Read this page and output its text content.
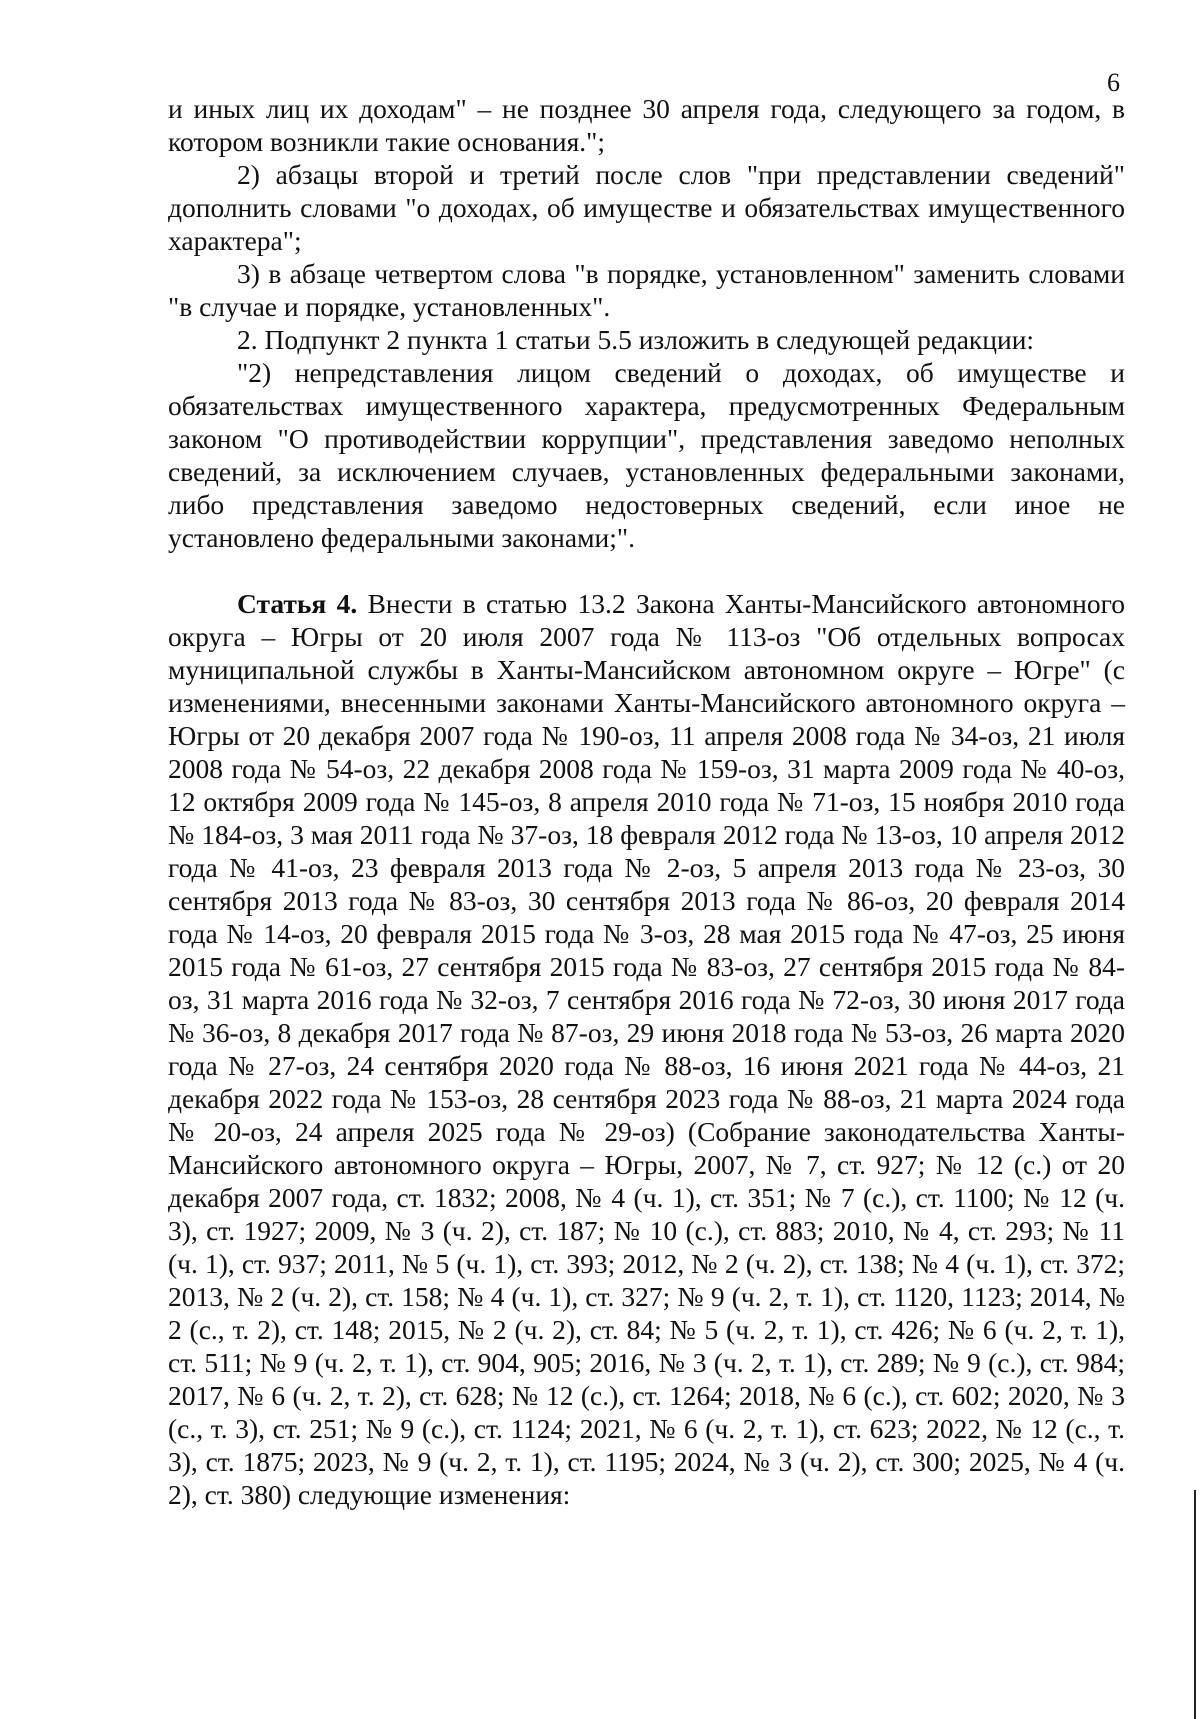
6

и иных лиц их доходам" – не позднее 30 апреля года, следующего за годом, в котором возникли такие основания.";

2) абзацы второй и третий после слов "при представлении сведений" дополнить словами "о доходах, об имуществе и обязательствах имущественного характера";

3) в абзаце четвертом слова "в порядке, установленном" заменить словами "в случае и порядке, установленных".

2. Подпункт 2 пункта 1 статьи 5.5 изложить в следующей редакции:

"2) непредставления лицом сведений о доходах, об имуществе и обязательствах имущественного характера, предусмотренных Федеральным законом "О противодействии коррупции", представления заведомо неполных сведений, за исключением случаев, установленных федеральными законами, либо представления заведомо недостоверных сведений, если иное не установлено федеральными законами;".

Статья 4. Внести в статью 13.2 Закона Ханты-Мансийского автономного округа – Югры от 20 июля 2007 года № 113-оз "Об отдельных вопросах муниципальной службы в Ханты-Мансийском автономном округе – Югре" (с изменениями, внесенными законами Ханты-Мансийского автономного округа – Югры от 20 декабря 2007 года № 190-оз, 11 апреля 2008 года № 34-оз, 21 июля 2008 года № 54-оз, 22 декабря 2008 года № 159-оз, 31 марта 2009 года № 40-оз, 12 октября 2009 года № 145-оз, 8 апреля 2010 года № 71-оз, 15 ноября 2010 года № 184-оз, 3 мая 2011 года № 37-оз, 18 февраля 2012 года № 13-оз, 10 апреля 2012 года № 41-оз, 23 февраля 2013 года № 2-оз, 5 апреля 2013 года № 23-оз, 30 сентября 2013 года № 83-оз, 30 сентября 2013 года № 86-оз, 20 февраля 2014 года № 14-оз, 20 февраля 2015 года № 3-оз, 28 мая 2015 года № 47-оз, 25 июня 2015 года № 61-оз, 27 сентября 2015 года № 83-оз, 27 сентября 2015 года № 84-оз, 31 марта 2016 года № 32-оз, 7 сентября 2016 года № 72-оз, 30 июня 2017 года № 36-оз, 8 декабря 2017 года № 87-оз, 29 июня 2018 года № 53-оз, 26 марта 2020 года № 27-оз, 24 сентября 2020 года № 88-оз, 16 июня 2021 года № 44-оз, 21 декабря 2022 года № 153-оз, 28 сентября 2023 года № 88-оз, 21 марта 2024 года № 20-оз, 24 апреля 2025 года № 29-оз) (Собрание законодательства Ханты-Мансийского автономного округа – Югры, 2007, № 7, ст. 927; № 12 (с.) от 20 декабря 2007 года, ст. 1832; 2008, № 4 (ч. 1), ст. 351; № 7 (с.), ст. 1100; № 12 (ч. 3), ст. 1927; 2009, № 3 (ч. 2), ст. 187; № 10 (с.), ст. 883; 2010, № 4, ст. 293; № 11 (ч. 1), ст. 937; 2011, № 5 (ч. 1), ст. 393; 2012, № 2 (ч. 2), ст. 138; № 4 (ч. 1), ст. 372; 2013, № 2 (ч. 2), ст. 158; № 4 (ч. 1), ст. 327; № 9 (ч. 2, т. 1), ст. 1120, 1123; 2014, № 2 (с., т. 2), ст. 148; 2015, № 2 (ч. 2), ст. 84; № 5 (ч. 2, т. 1), ст. 426; № 6 (ч. 2, т. 1), ст. 511; № 9 (ч. 2, т. 1), ст. 904, 905; 2016, № 3 (ч. 2, т. 1), ст. 289; № 9 (с.), ст. 984; 2017, № 6 (ч. 2, т. 2), ст. 628; № 12 (с.), ст. 1264; 2018, № 6 (с.), ст. 602; 2020, № 3 (с., т. 3), ст. 251; № 9 (с.), ст. 1124; 2021, № 6 (ч. 2, т. 1), ст. 623; 2022, № 12 (с., т. 3), ст. 1875; 2023, № 9 (ч. 2, т. 1), ст. 1195; 2024, № 3 (ч. 2), ст. 300; 2025, № 4 (ч. 2), ст. 380) следующие изменения:
